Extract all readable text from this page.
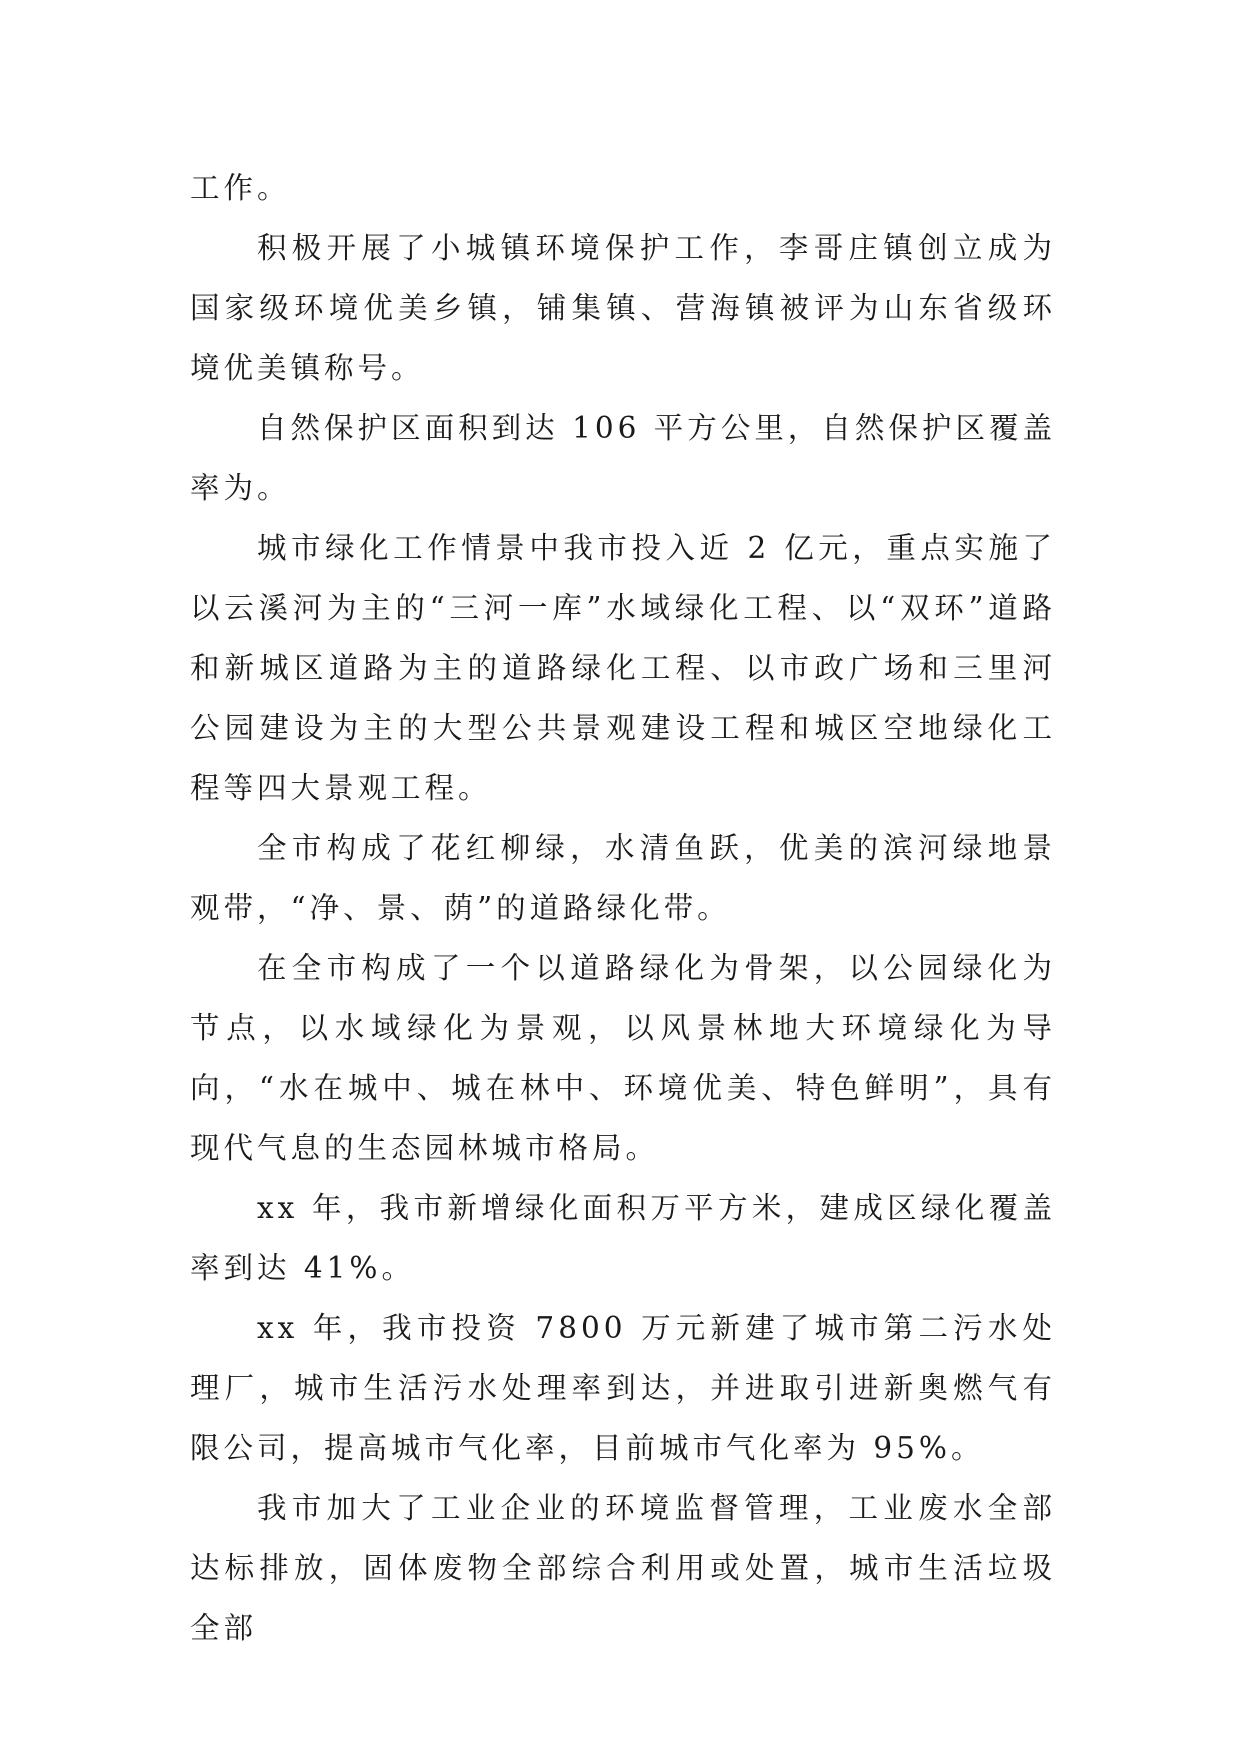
工作。

积极开展了小城镇环境保护工作，李哥庄镇创立成为国家级环境优美乡镇，铺集镇、营海镇被评为山东省级环境优美镇称号。

自然保护区面积到达 106 平方公里，自然保护区覆盖率为。

城市绿化工作情景中我市投入近 2 亿元，重点实施了以云溪河为主的“三河一库”水域绿化工程、以“双环”道路和新城区道路为主的道路绿化工程、以市政广场和三里河公园建设为主的大型公共景观建设工程和城区空地绿化工程等四大景观工程。

全市构成了花红柳绿，水清鱼跃，优美的滨河绿地景观带，“净、景、荫”的道路绿化带。

在全市构成了一个以道路绿化为骨架，以公园绿化为节点，以水域绿化为景观，以风景林地大环境绿化为导向，“水在城中、城在林中、环境优美、特色鲜明”，具有现代气息的生态园林城市格局。

xx 年，我市新增绿化面积万平方米，建成区绿化覆盖率到达 41%。

xx 年，我市投资 7800 万元新建了城市第二污水处理厂，城市生活污水处理率到达，并进取引进新奥燃气有限公司，提高城市气化率，目前城市气化率为 95%。

我市加大了工业企业的环境监督管理，工业废水全部达标排放，固体废物全部综合利用或处置，城市生活垃圾全部
